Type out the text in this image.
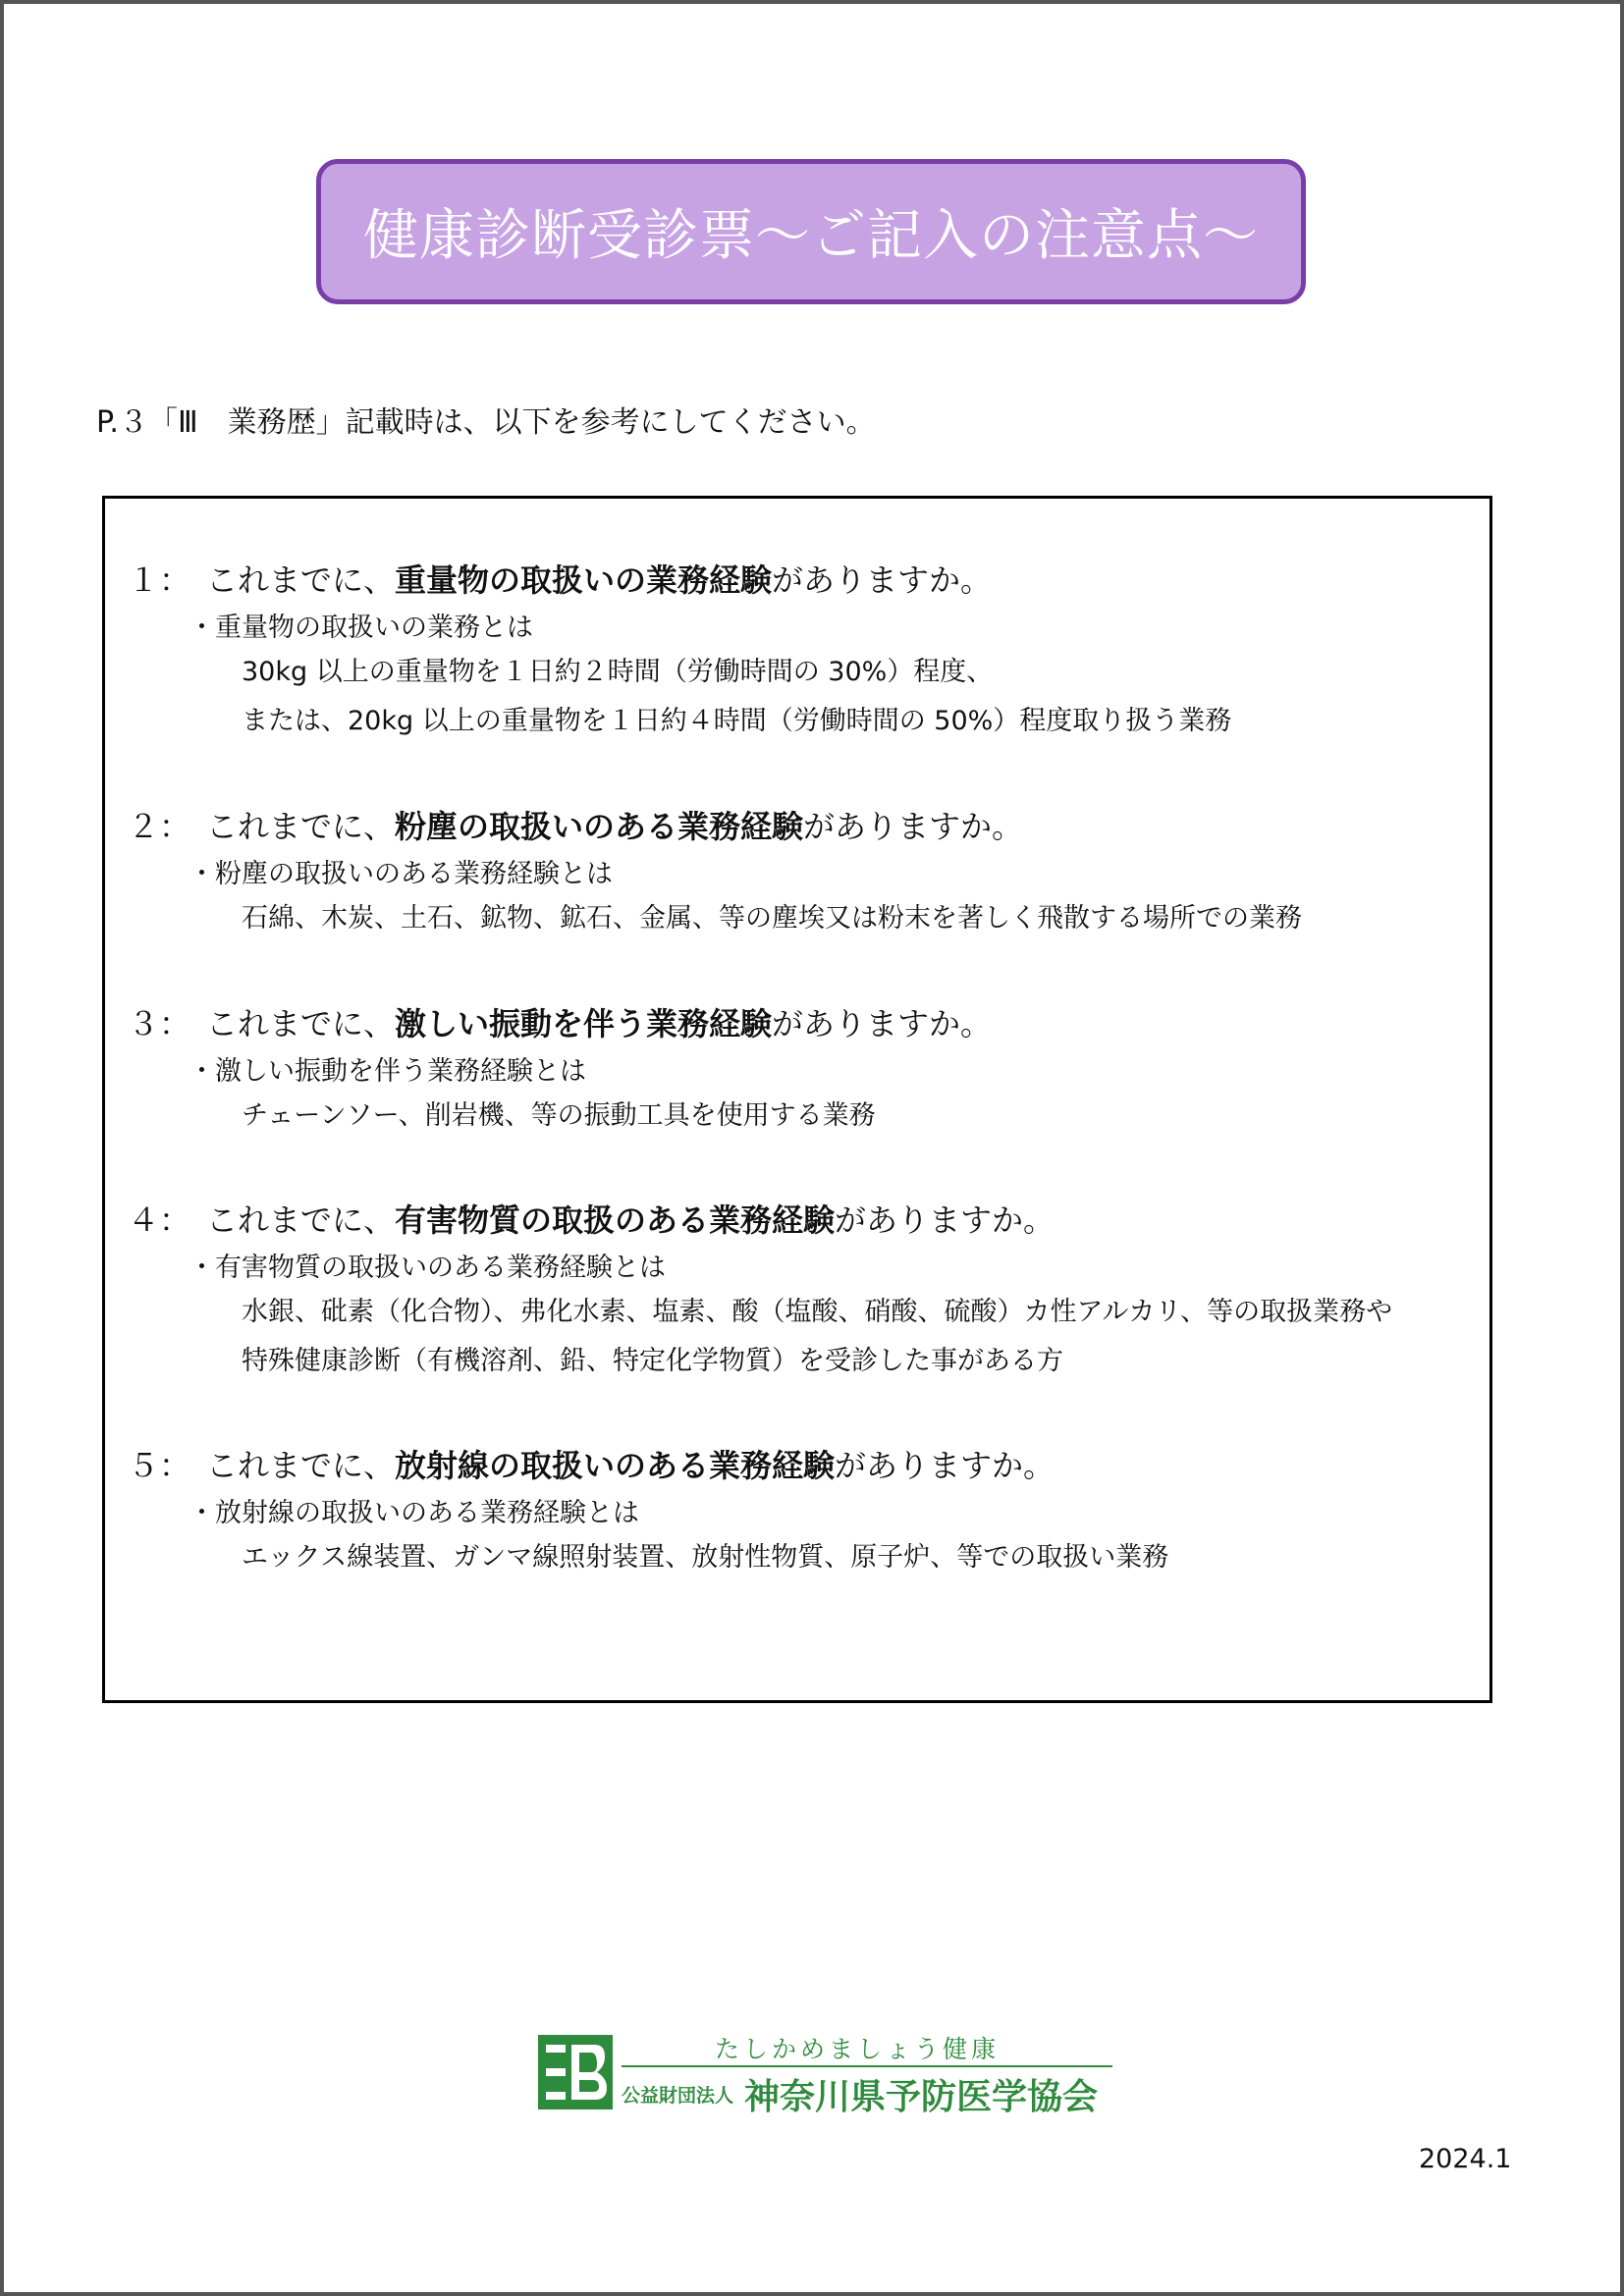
健康診断受診票〜ご記入の注意点〜
P.３「Ⅲ　業務歴」記載時は、以下を参考にしてください。
１： これまでに、重量物の取扱いの業務経験がありますか。
・重量物の取扱いの業務とは
30kg 以上の重量物を１日約２時間（労働時間の 30%）程度、
または、20kg 以上の重量物を１日約４時間（労働時間の 50%）程度取り扱う業務
２： これまでに、粉塵の取扱いのある業務経験がありますか。
・粉塵の取扱いのある業務経験とは
石綿、木炭、土石、鉱物、鉱石、金属、等の塵埃又は粉末を著しく飛散する場所での業務
３： これまでに、激しい振動を伴う業務経験がありますか。
・激しい振動を伴う業務経験とは
チェーンソー、削岩機、等の振動工具を使用する業務
４： これまでに、有害物質の取扱のある業務経験がありますか。
・有害物質の取扱いのある業務経験とは
水銀、砒素（化合物）、弗化水素、塩素、酸（塩酸、硝酸、硫酸）カ性アルカリ、等の取扱業務や
特殊健康診断（有機溶剤、鉛、特定化学物質）を受診した事がある方
５： これまでに、放射線の取扱いのある業務経験がありますか。
・放射線の取扱いのある業務経験とは
エックス線装置、ガンマ線照射装置、放射性物質、原子炉、等での取扱い業務
たしかめましょう健康
公益財団法人 神奈川県予防医学協会
2024.1
